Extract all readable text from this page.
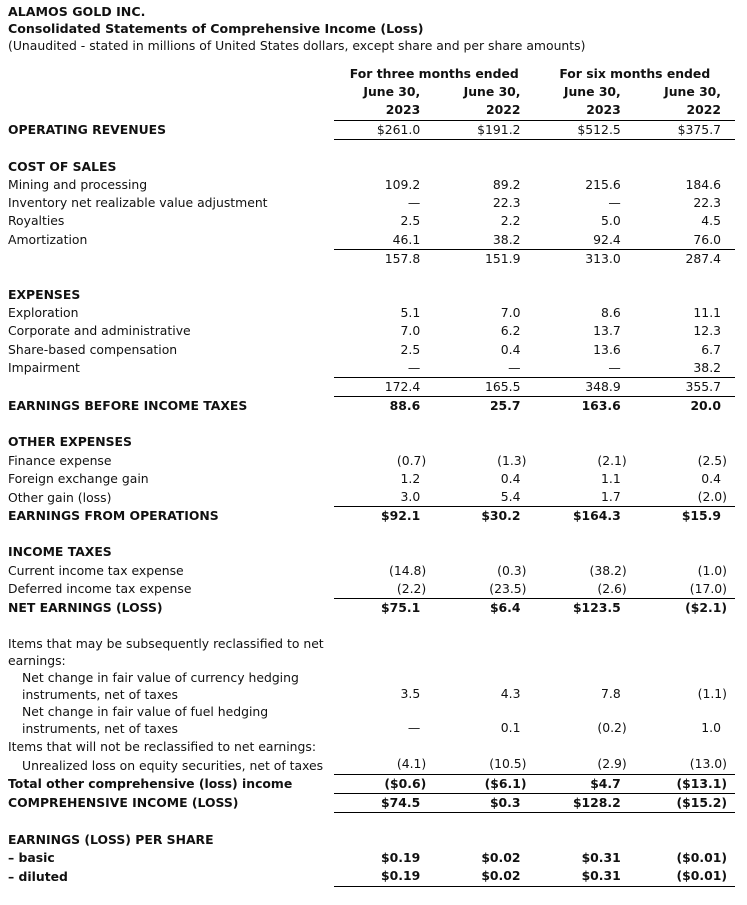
ALAMOS GOLD INC.
Consolidated Statements of Comprehensive Income (Loss)
(Unaudited - stated in millions of United States dollars, except share and per share amounts)
	For three months ended		For six months ended	
	June 30,	June 30,	June 30,	June 30,
	2023	2022	2023	2022
OPERATING REVENUES	$261.0	$191.2	$512.5	$375.7

COST OF SALES				
Mining and processing	109.2	89.2	215.6	184.6
Inventory net realizable value adjustment	—	22.3	—	22.3
Royalties	2.5	2.2	5.0	4.5
Amortization	46.1	38.2	92.4	76.0
	157.8	151.9	313.0	287.4

EXPENSES				
Exploration	5.1	7.0	8.6	11.1
Corporate and administrative	7.0	6.2	13.7	12.3
Share-based compensation	2.5	0.4	13.6	6.7
Impairment	—	—	—	38.2
	172.4	165.5	348.9	355.7
EARNINGS BEFORE INCOME TAXES	88.6	25.7	163.6	20.0

OTHER EXPENSES				
Finance expense	(0.7)	(1.3)	(2.1)	(2.5)
Foreign exchange gain	1.2	0.4	1.1	0.4
Other gain (loss)	3.0	5.4	1.7	(2.0)
EARNINGS FROM OPERATIONS	$92.1	$30.2	$164.3	$15.9

INCOME TAXES				
Current income tax expense	(14.8)	(0.3)	(38.2)	(1.0)
Deferred income tax expense	(2.2)	(23.5)	(2.6)	(17.0)
NET EARNINGS (LOSS)	$75.1	$6.4	$123.5	($2.1)

Items that may be subsequently reclassified to net earnings:				
Net change in fair value of currency hedging instruments, net of taxes	3.5	4.3	7.8	(1.1)
Net change in fair value of fuel hedging instruments, net of taxes	—	0.1	(0.2)	1.0
Items that will not be reclassified to net earnings:				
Unrealized loss on equity securities, net of taxes	(4.1)	(10.5)	(2.9)	(13.0)
Total other comprehensive (loss) income	($0.6)	($6.1)	$4.7	($13.1)
COMPREHENSIVE INCOME (LOSS)	$74.5	$0.3	$128.2	($15.2)

EARNINGS (LOSS) PER SHARE				
– basic	$0.19	$0.02	$0.31	($0.01)
– diluted	$0.19	$0.02	$0.31	($0.01)
